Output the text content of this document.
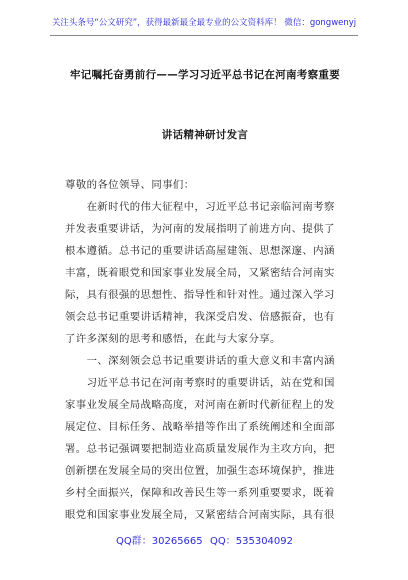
关注头条号“公文研究”，获得最新最全最专业的公文资料库！ 微信：gongwenyj
牢记嘱托奋勇前行——学习习近平总书记在河南考察重要
讲话精神研讨发言
尊敬的各位领导、同事们：
　　在新时代的伟大征程中，习近平总书记亲临河南考察
并发表重要讲话，为河南的发展指明了前进方向、提供了
根本遵循。总书记的重要讲话高屋建瓴、思想深邃、内涵
丰富，既着眼党和国家事业发展全局，又紧密结合河南实
际，具有很强的思想性、指导性和针对性。通过深入学习
领会总书记重要讲话精神，我深受启发、倍感振奋，也有
了许多深刻的思考和感悟，在此与大家分享。
　　一、深刻领会总书记重要讲话的重大意义和丰富内涵
　　习近平总书记在河南考察时的重要讲话，站在党和国
家事业发展全局战略高度，对河南在新时代新征程上的发
展定位、目标任务、战略举措等作出了系统阐述和全面部
署。总书记强调要把制造业高质量发展作为主攻方向，把
创新摆在发展全局的突出位置，加强生态环境保护，推进
乡村全面振兴，保障和改善民生等一系列重要要求，既着
眼党和国家事业发展全局，又紧密结合河南实际，具有很
QQ群：30265665 QQ：535304092
